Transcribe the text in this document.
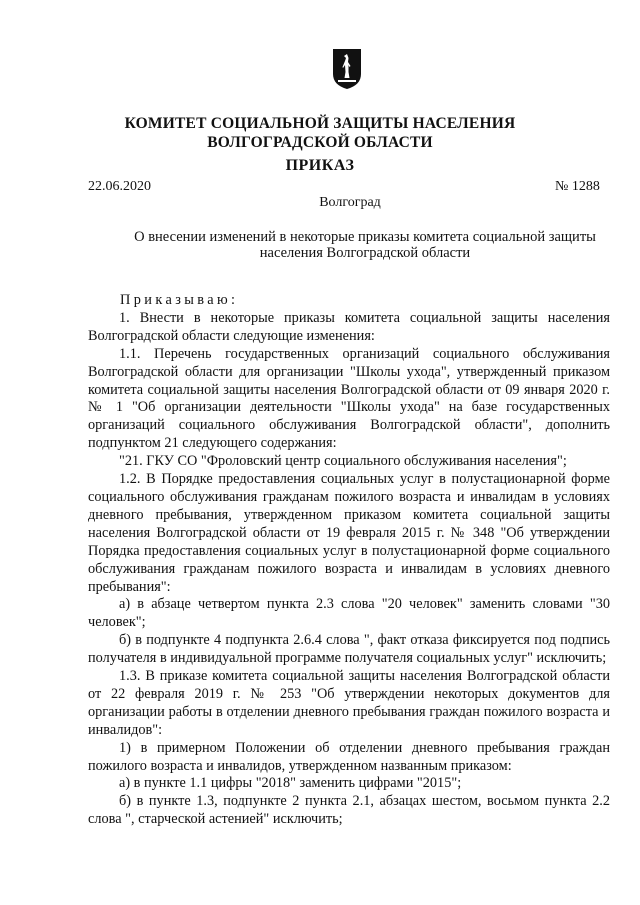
КОМИТЕТ СОЦИАЛЬНОЙ ЗАЩИТЫ НАСЕЛЕНИЯ
ВОЛГОГРАДСКОЙ ОБЛАСТИ
ПРИКАЗ
22.06.2020	№ 1288
Волгоград
О внесении изменений в некоторые приказы комитета социальной защиты населения Волгоградской области

Приказываю:

1. Внести в некоторые приказы комитета социальной защиты населения Волгоградской области следующие изменения:

1.1. Перечень государственных организаций социального обслуживания Волгоградской области для организации "Школы ухода", утвержденный приказом комитета социальной защиты населения Волгоградской области от 09 января 2020 г. № 1 "Об организации деятельности "Школы ухода" на базе государственных организаций социального обслуживания Волгоградской области", дополнить подпунктом 21 следующего содержания:

"21. ГКУ СО "Фроловский центр социального обслуживания населения";

1.2. В Порядке предоставления социальных услуг в полустационарной форме социального обслуживания гражданам пожилого возраста и инвалидам в условиях дневного пребывания, утвержденном приказом комитета социальной защиты населения Волгоградской области от 19 февраля 2015 г. № 348 "Об утверждении Порядка предоставления социальных услуг в полустационарной форме социального обслуживания гражданам пожилого возраста и инвалидам в условиях дневного пребывания":

а) в абзаце четвертом пункта 2.3 слова "20 человек" заменить словами "30 человек";

б) в подпункте 4 подпункта 2.6.4 слова ", факт отказа фиксируется под подпись получателя в индивидуальной программе получателя социальных услуг" исключить;

1.3. В приказе комитета социальной защиты населения Волгоградской области от 22 февраля 2019 г. № 253 "Об утверждении некоторых документов для организации работы в отделении дневного пребывания граждан пожилого возраста и инвалидов":

1) в примерном Положении об отделении дневного пребывания граждан пожилого возраста и инвалидов, утвержденном названным приказом:

а) в пункте 1.1 цифры "2018" заменить цифрами "2015";

б) в пункте 1.3, подпункте 2 пункта 2.1, абзацах шестом, восьмом пункта 2.2 слова ", старческой астенией" исключить;
